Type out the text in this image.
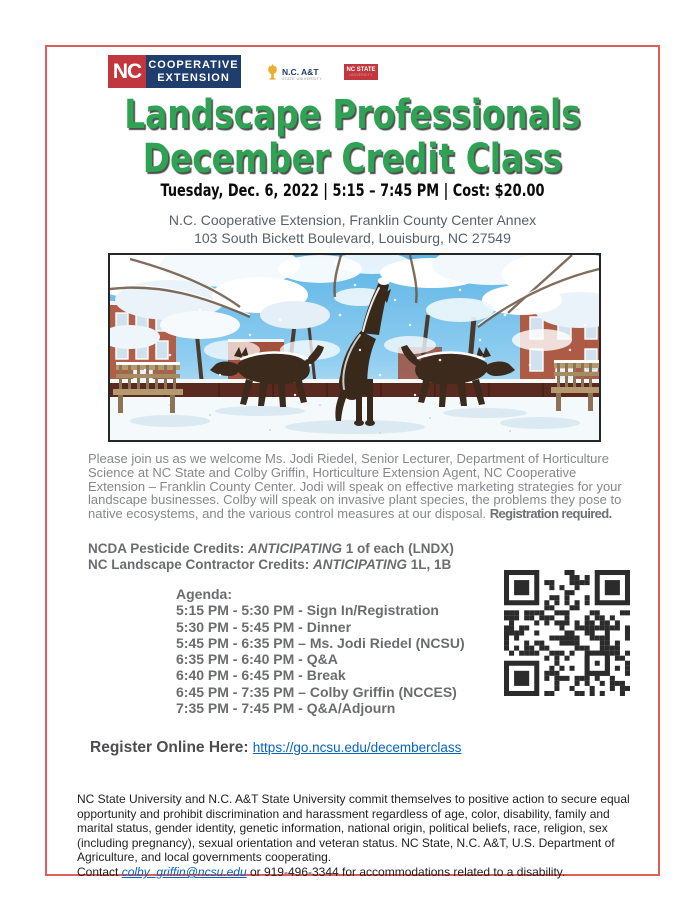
NC COOPERATIVE
EXTENSION	N.C. A&T
STATE UNIVERSITY
NC STATE
UNIVERSITY
Landscape Professionals
December Credit Class
Tuesday, Dec. 6, 2022 | 5:15 – 7:45 PM | Cost: $20.00
N.C. Cooperative Extension, Franklin County Center Annex
103 South Bickett Boulevard, Louisburg, NC 27549
Please join us as we welcome Ms. Jodi Riedel, Senior Lecturer, Department of Horticulture Science at NC State and Colby Griffin, Horticulture Extension Agent, NC Cooperative Extension – Franklin County Center. Jodi will speak on effective marketing strategies for your landscape businesses. Colby will speak on invasive plant species, the problems they pose to native ecosystems, and the various control measures at our disposal. Registration required.
NCDA Pesticide Credits: ANTICIPATING 1 of each (LNDX)
NC Landscape Contractor Credits: ANTICIPATING 1L, 1B
Agenda:
5:15 PM - 5:30 PM - Sign In/Registration
5:30 PM - 5:45 PM - Dinner
5:45 PM - 6:35 PM – Ms. Jodi Riedel (NCSU)
6:35 PM - 6:40 PM - Q&A
6:40 PM - 6:45 PM - Break
6:45 PM - 7:35 PM – Colby Griffin (NCCES)
7:35 PM - 7:45 PM - Q&A/Adjourn
Register Online Here: https://go.ncsu.edu/decemberclass
NC State University and N.C. A&T State University commit themselves to positive action to secure equal opportunity and prohibit discrimination and harassment regardless of age, color, disability, family and marital status, gender identity, genetic information, national origin, political beliefs, race, religion, sex (including pregnancy), sexual orientation and veteran status. NC State, N.C. A&T, U.S. Department of Agriculture, and local governments cooperating.
Contact colby_griffin@ncsu.edu or 919-496-3344 for accommodations related to a disability.
